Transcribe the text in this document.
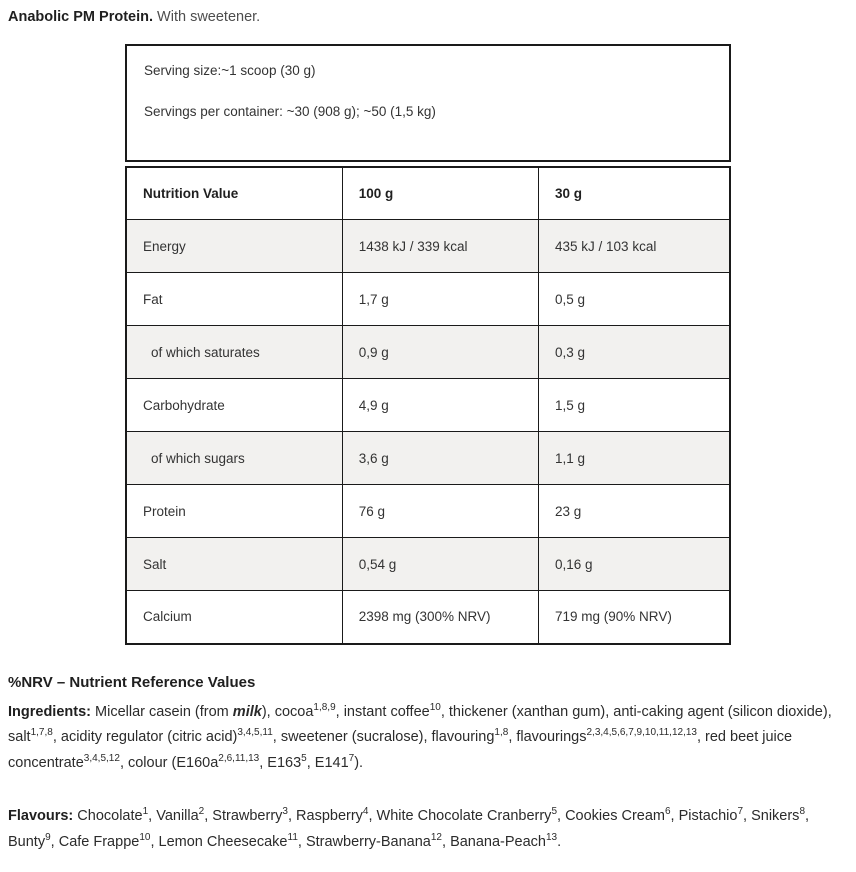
Anabolic PM Protein. With sweetener.

Serving size:~1 scoop (30 g)

Servings per container: ~30 (908 g); ~50 (1,5 kg)

Nutrition Value	100 g	30 g
Energy	1438 kJ / 339 kcal	435 kJ / 103 kcal
Fat	1,7 g	0,5 g
of which saturates	0,9 g	0,3 g
Carbohydrate	4,9 g	1,5 g
of which sugars	3,6 g	1,1 g
Protein	76 g	23 g
Salt	0,54 g	0,16 g
Calcium	2398 mg (300% NRV)	719 mg (90% NRV)
%NRV – Nutrient Reference Values

Ingredients: Micellar casein (from milk), cocoa$^{1,8,9}$, instant coffee$^{10}$, thickener (xanthan gum), anti-caking agent (silicon dioxide), salt$^{1,7,8}$, acidity regulator (citric acid)$^{3,4,5,11}$, sweetener (sucralose), flavouring$^{1,8}$, flavourings$^{2,3,4,5,6,7,9,10,11,12,13}$, red beet juice concentrate$^{3,4,5,12}$, colour ($E160a^{2,6,11,13}$, $E163^5$, $E141^7$).

Flavours: Chocolate$^1$, Vanilla$^2$, Strawberry$^3$, Raspberry$^4$, White Chocolate Cranberry$^5$, Cookies Cream$^6$, Pistachio$^7$, Snikers$^8$, Bunty$^9$, Cafe Frappe$^{10}$, Lemon Cheesecake$^{11}$, Strawberry-Banana$^{12}$, Banana-Peach$^{13}$.
